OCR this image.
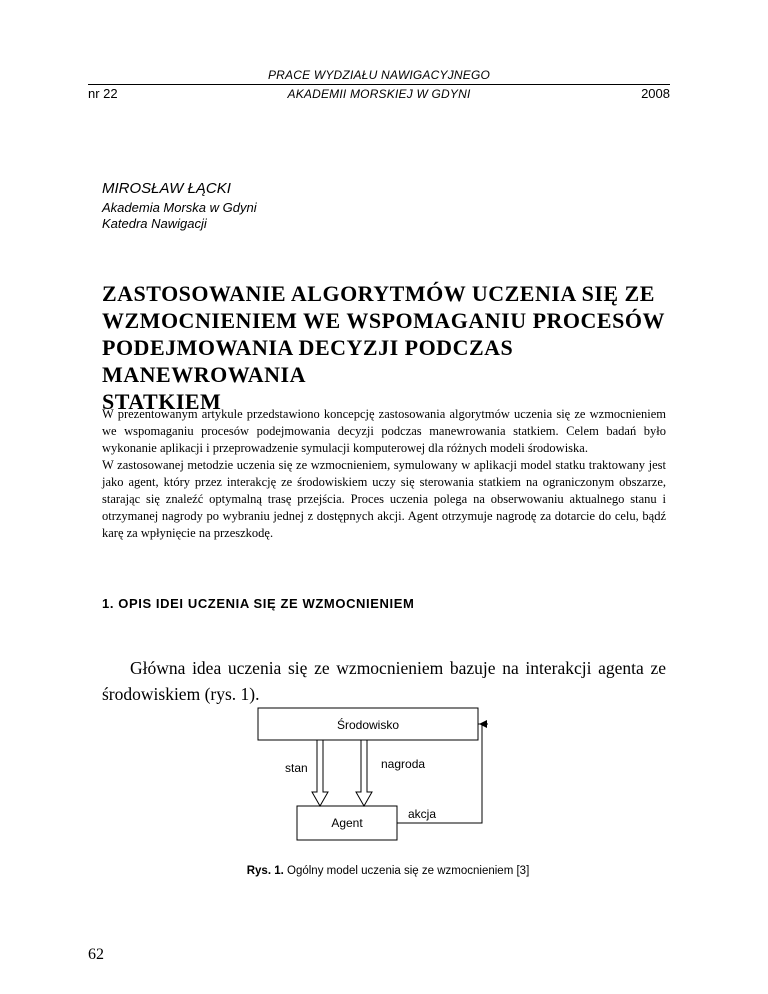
PRACE WYDZIAŁU NAWIGACYJNEGO
nr 22	AKADEMII MORSKIEJ W GDYNI	2008
MIROSŁAW ŁĄCKI
Akademia Morska w Gdyni
Katedra Nawigacji
ZASTOSOWANIE ALGORYTMÓW UCZENIA SIĘ ZE
WZMOCNIENIEM WE WSPOMAGANIU PROCESÓW
PODEJMOWANIA DECYZJI PODCZAS MANEWROWANIA
STATKIEM

W prezentowanym artykule przedstawiono koncepcję zastosowania algorytmów uczenia się ze wzmocnieniem we wspomaganiu procesów podejmowania decyzji podczas manewrowania statkiem. Celem badań było wykonanie aplikacji i przeprowadzenie symulacji komputerowej dla różnych modeli środowiska.

W zastosowanej metodzie uczenia się ze wzmocnieniem, symulowany w aplikacji model statku traktowany jest jako agent, który przez interakcję ze środowiskiem uczy się sterowania statkiem na ograniczonym obszarze, starając się znaleźć optymalną trasę przejścia. Proces uczenia polega na obserwowaniu aktualnego stanu i otrzymanej nagrody po wybraniu jednej z dostępnych akcji. Agent otrzymuje nagrodę za dotarcie do celu, bądź karę za wpłynięcie na przeszkodę.

1. OPIS IDEI UCZENIA SIĘ ZE WZMOCNIENIEM

Główna idea uczenia się ze wzmocnieniem bazuje na interakcji agenta ze środowiskiem (rys. 1).

Środowisko
Agent
stan	nagroda
akcja
Rys. 1. Ogólny model uczenia się ze wzmocnieniem [3]
62
